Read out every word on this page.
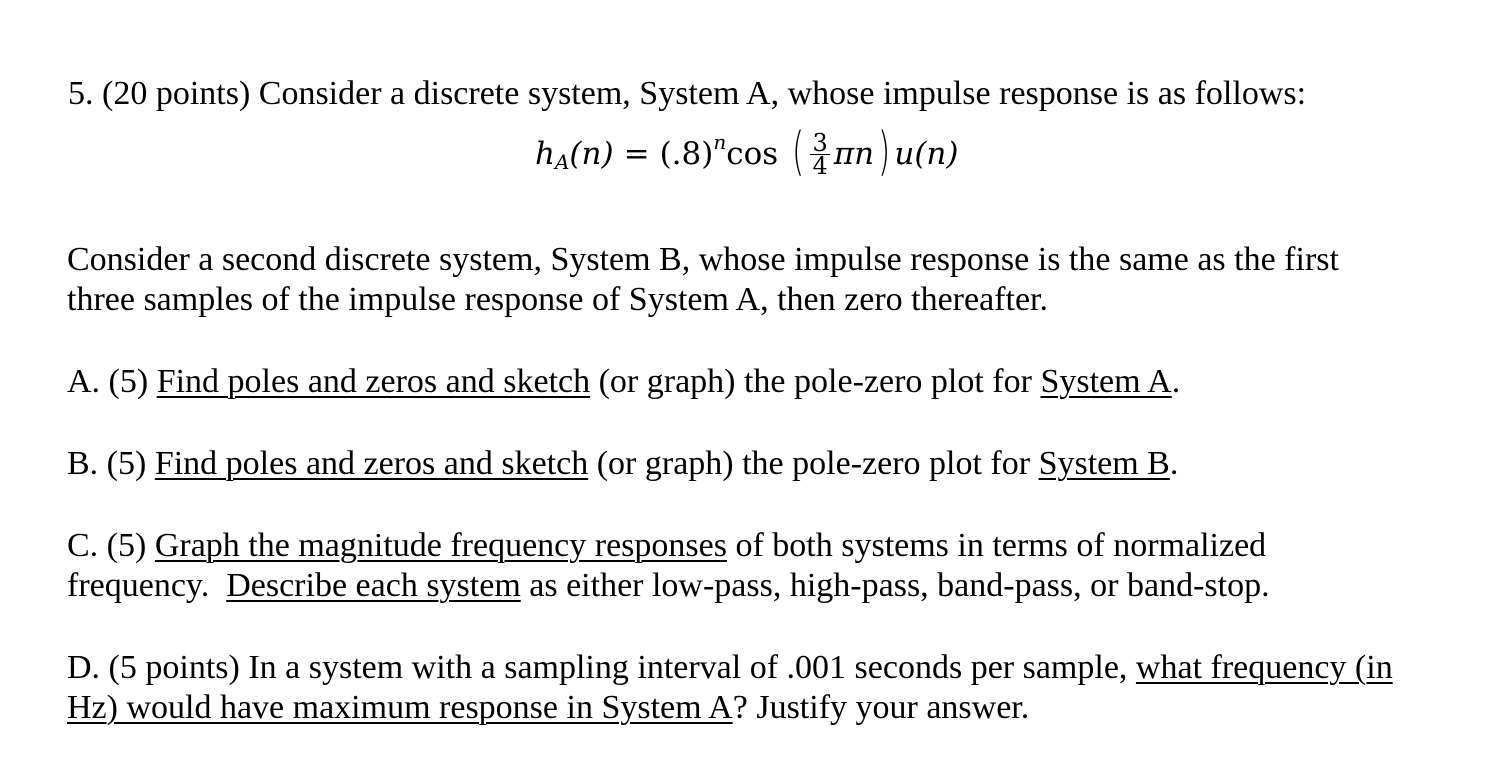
5. (20 points) Consider a discrete system, System A, whose impulse response is as follows:

h A (n) = (.8) n cos ( $\frac{3}{4}$ πn ) u(n)
Consider a second discrete system, System B, whose impulse response is the same as the first
three samples of the impulse response of System A, then zero thereafter.

A. (5) Find poles and zeros and sketch (or graph) the pole-zero plot for System A.

B. (5) Find poles and zeros and sketch (or graph) the pole-zero plot for System B.

C. (5) Graph the magnitude frequency responses of both systems in terms of normalized
frequency.  Describe each system as either low-pass, high-pass, band-pass, or band-stop.
D. (5 points) In a system with a sampling interval of .001 seconds per sample, what frequency (in
Hz) would have maximum response in System A? Justify your answer.
